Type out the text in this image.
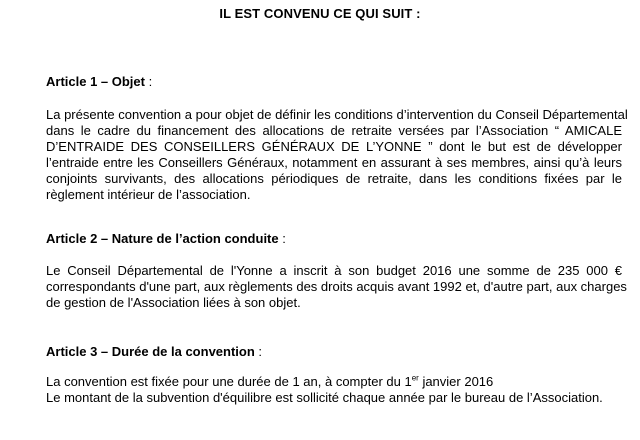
IL EST CONVENU CE QUI SUIT :
Article 1 – Objet :
La présente convention a pour objet de définir les conditions d’intervention du Conseil Départemental
dans le cadre du financement des allocations de retraite versées par l’Association “ AMICALE
D’ENTRAIDE DES CONSEILLERS GÉNÉRAUX DE L’YONNE ” dont le but est de développer
l’entraide entre les Conseillers Généraux, notamment en assurant à ses membres, ainsi qu’à leurs
conjoints survivants, des allocations périodiques de retraite, dans les conditions fixées par le
règlement intérieur de l’association.
Article 2 – Nature de l’action conduite :
Le Conseil Départemental de l'Yonne a inscrit à son budget 2016 une somme de 235 000 €
correspondants d'une part, aux règlements des droits acquis avant 1992 et, d'autre part, aux charges
de gestion de l'Association liées à son objet.
Article 3 – Durée de la convention :
La convention est fixée pour une durée de 1 an, à compter du 1er janvier 2016
Le montant de la subvention d'équilibre est sollicité chaque année par le bureau de l’Association.
